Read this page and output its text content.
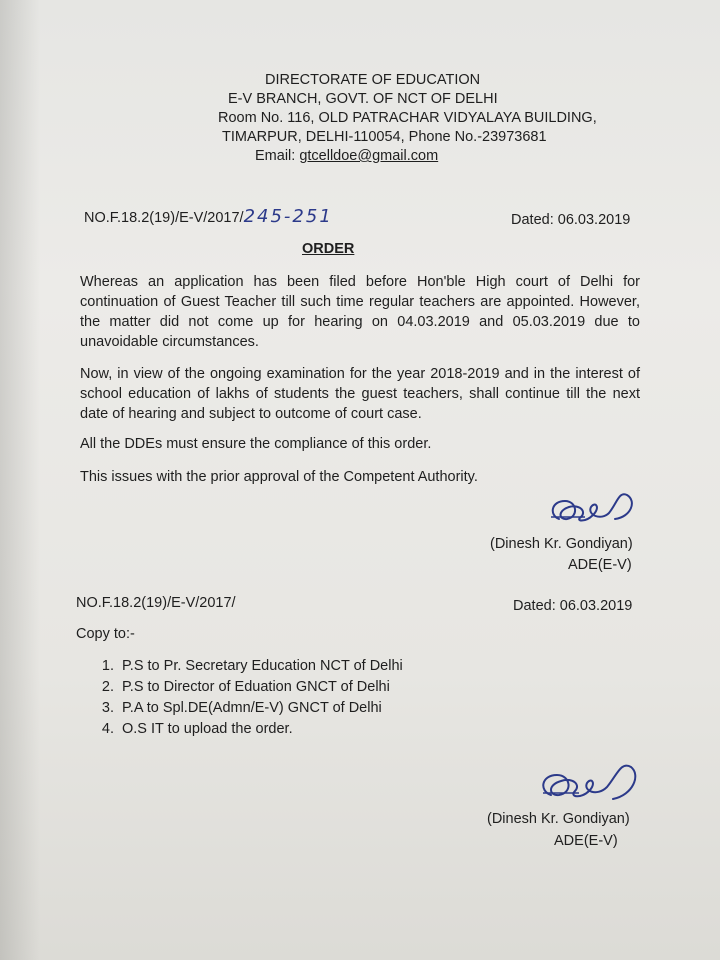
DIRECTORATE OF EDUCATION
E-V BRANCH, GOVT. OF NCT OF DELHI
Room No. 116, OLD PATRACHAR VIDYALAYA BUILDING,
TIMARPUR, DELHI-110054, Phone No.-23973681
Email: gtcelldoe@gmail.com
NO.F.18.2(19)/E-V/2017/245-251	Dated: 06.03.2019
ORDER
Whereas an application has been filed before Hon'ble High court of Delhi for continuation of Guest Teacher till such time regular teachers are appointed. However, the matter did not come up for hearing on 04.03.2019 and 05.03.2019 due to unavoidable circumstances.
Now, in view of the ongoing examination for the year 2018-2019 and in the interest of school education of lakhs of students the guest teachers, shall continue till the next date of hearing and subject to outcome of court case.
All the DDEs must ensure the compliance of this order.
This issues with the prior approval of the Competent Authority.
(Dinesh Kr. Gondiyan)
ADE(E-V)
NO.F.18.2(19)/E-V/2017/	Dated: 06.03.2019
Copy to:-
1. P.S to Pr. Secretary Education NCT of Delhi
2. P.S to Director of Eduation GNCT of Delhi
3. P.A to Spl.DE(Admn/E-V) GNCT of Delhi
4. O.S IT to upload the order.
(Dinesh Kr. Gondiyan)
ADE(E-V)
